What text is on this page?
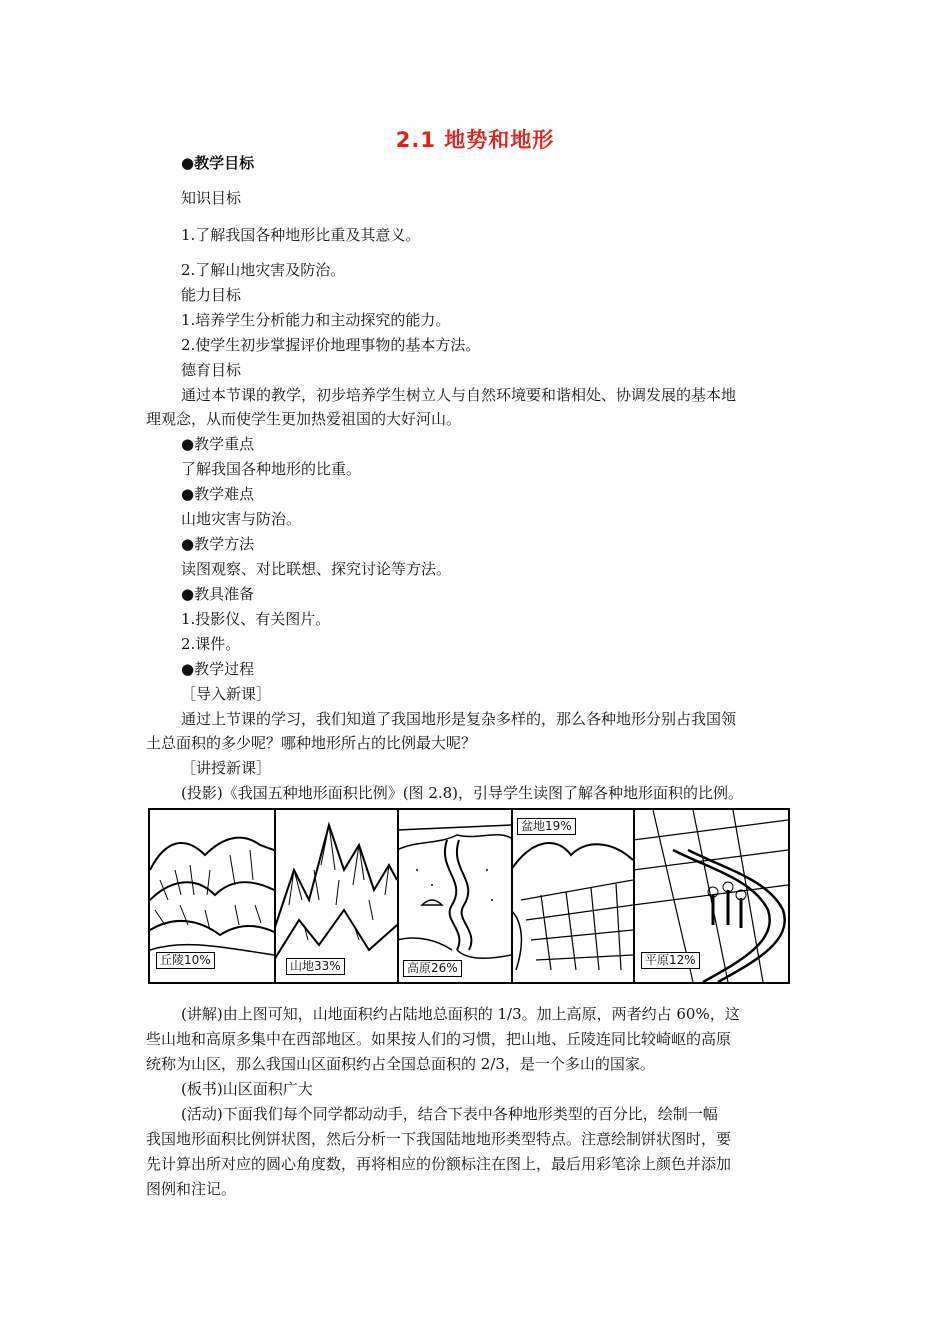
2.1 地势和地形
●教学目标
知识目标
1.了解我国各种地形比重及其意义。
2.了解山地灾害及防治。
能力目标
1.培养学生分析能力和主动探究的能力。
2.使学生初步掌握评价地理事物的基本方法。
德育目标
通过本节课的教学，初步培养学生树立人与自然环境要和谐相处、协调发展的基本地
理观念，从而使学生更加热爱祖国的大好河山。
●教学重点
了解我国各种地形的比重。
●教学难点
山地灾害与防治。
●教学方法
读图观察、对比联想、探究讨论等方法。
●教具准备
1.投影仪、有关图片。
2.课件。
●教学过程
［导入新课］
通过上节课的学习，我们知道了我国地形是复杂多样的，那么各种地形分别占我国领
土总面积的多少呢？哪种地形所占的比例最大呢？
［讲授新课］
(投影)《我国五种地形面积比例》(图 2.8)，引导学生读图了解各种地形面积的比例。
丘陵10%	山地33%	高原26%
盆地19%
平原12%
(讲解)由上图可知，山地面积约占陆地总面积的 1/3。加上高原，两者约占 60%，这
些山地和高原多集中在西部地区。如果按人们的习惯，把山地、丘陵连同比较崎岖的高原
统称为山区，那么我国山区面积约占全国总面积的 2/3，是一个多山的国家。
(板书)山区面积广大
(活动)下面我们每个同学都动动手，结合下表中各种地形类型的百分比，绘制一幅
我国地形面积比例饼状图，然后分析一下我国陆地地形类型特点。注意绘制饼状图时，要
先计算出所对应的圆心角度数，再将相应的份额标注在图上，最后用彩笔涂上颜色并添加
图例和注记。
